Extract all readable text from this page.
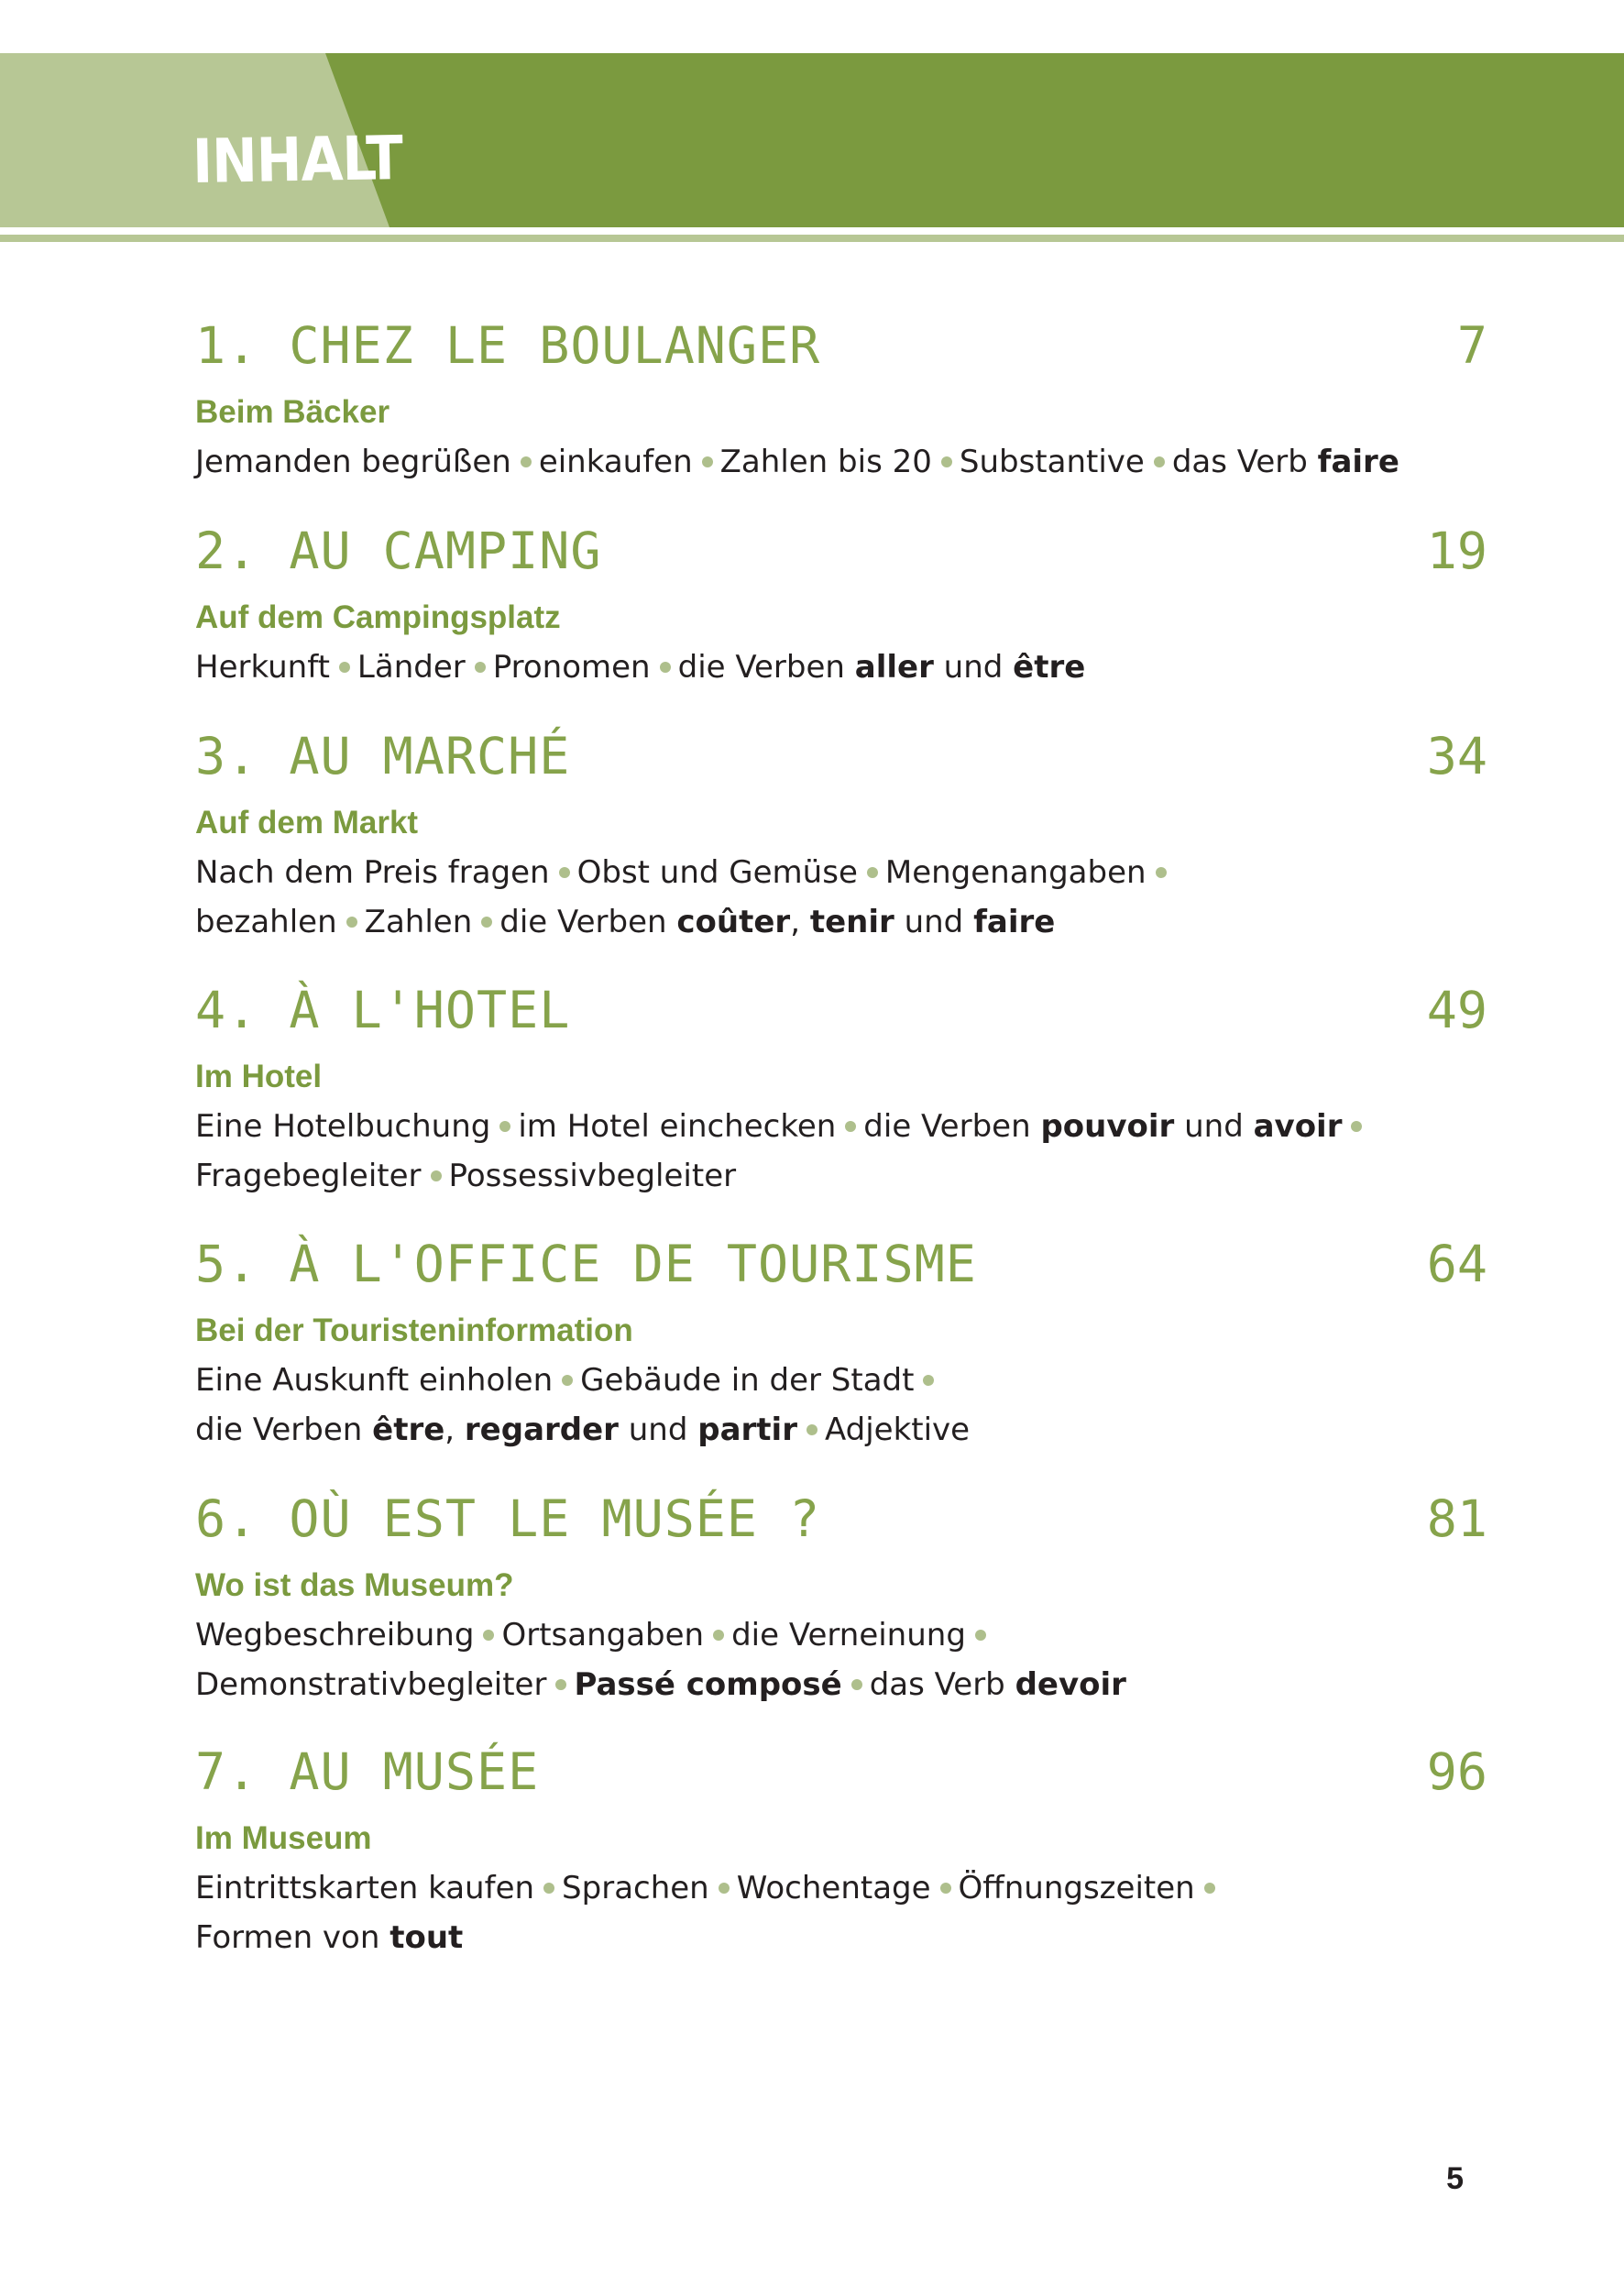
INHALT
1. CHEZ LE BOULANGER	7
Beim Bäcker
Jemanden begrüßen einkaufen Zahlen bis 20 Substantive das Verb faire
2. AU CAMPING	19
Auf dem Campingsplatz
Herkunft Länder Pronomen die Verben aller und être
3. AU MARCHÉ	34
Auf dem Markt
Nach dem Preis fragen Obst und Gemüse Mengenangaben
bezahlen Zahlen die Verben coûter, tenir und faire
4. À L'HOTEL	49
Im Hotel
Eine Hotelbuchung im Hotel einchecken die Verben pouvoir und avoir
Fragebegleiter Possessivbegleiter
5. À L'OFFICE DE TOURISME	64
Bei der Touristeninformation
Eine Auskunft einholen Gebäude in der Stadt
die Verben être, regarder und partir Adjektive
6. OÙ EST LE MUSÉE ?	81
Wo ist das Museum?
Wegbeschreibung Ortsangaben die Verneinung
Demonstrativbegleiter Passé composé das Verb devoir
7. AU MUSÉE	96
Im Museum
Eintrittskarten kaufen Sprachen Wochentage Öffnungszeiten
Formen von tout
5
